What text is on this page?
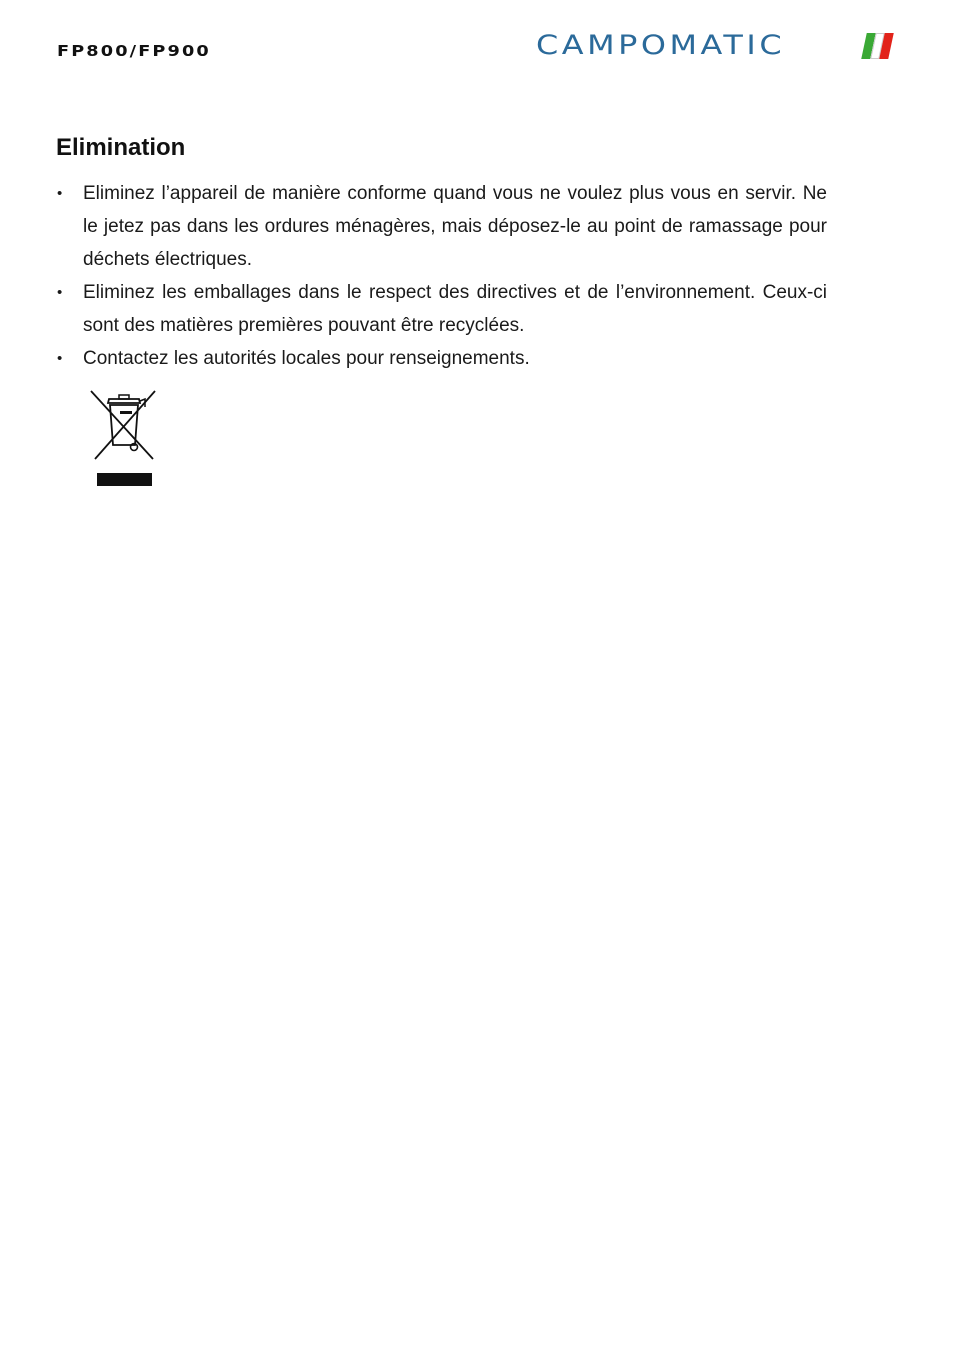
FP800/FP900	CAMPOMATIC
Elimination
• Eliminez l’appareil de manière conforme quand vous ne voulez plus vous en servir. Ne le jetez pas dans les ordures ménagères, mais déposez-le au point de ramassage pour déchets électriques.
• Eliminez les emballages dans le respect des directives et de l’environnement. Ceux-ci sont des matières premières pouvant être recyclées.
• Contactez les autorités locales pour renseignements.
